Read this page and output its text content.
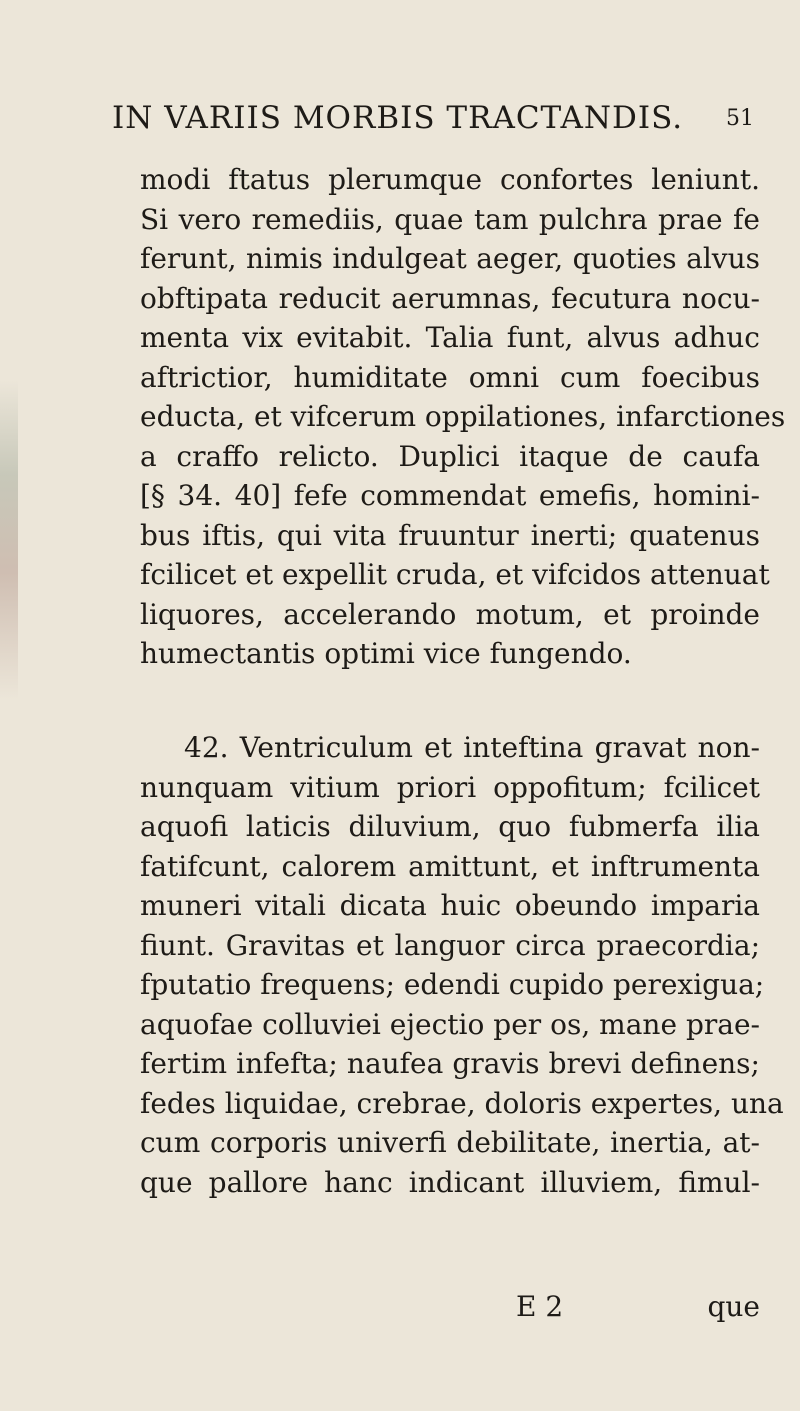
IN VARIIS MORBIS TRACTANDIS. 51
modi ftatus plerumque confortes leniunt.
Si vero remediis, quae tam pulchra prae fe
ferunt, nimis indulgeat aeger, quoties alvus
obftipata reducit aerumnas, fecutura nocu-
menta vix evitabit. Talia funt, alvus adhuc
aftrictior, humiditate omni cum foecibus
educta, et vifcerum oppilationes, infarctiones
a craffo relicto. Duplici itaque de caufa
[§ 34. 40] fefe commendat emefis, homini-
bus iftis, qui vita fruuntur inerti; quatenus
fcilicet et expellit cruda, et vifcidos attenuat
liquores, accelerando motum, et proinde
humectantis optimi vice fungendo.
42. Ventriculum et inteftina gravat non-
nunquam vitium priori oppofitum; fcilicet
aquofi laticis diluvium, quo fubmerfa ilia
fatifcunt, calorem amittunt, et inftrumenta
muneri vitali dicata huic obeundo imparia
fiunt. Gravitas et languor circa praecordia;
fputatio frequens; edendi cupido perexigua;
aquofae colluviei ejectio per os, mane prae-
fertim infefta; naufea gravis brevi definens;
fedes liquidae, crebrae, doloris expertes, una
cum corporis univerfi debilitate, inertia, at-
que pallore hanc indicant illuviem, fimul-
E 2	que
